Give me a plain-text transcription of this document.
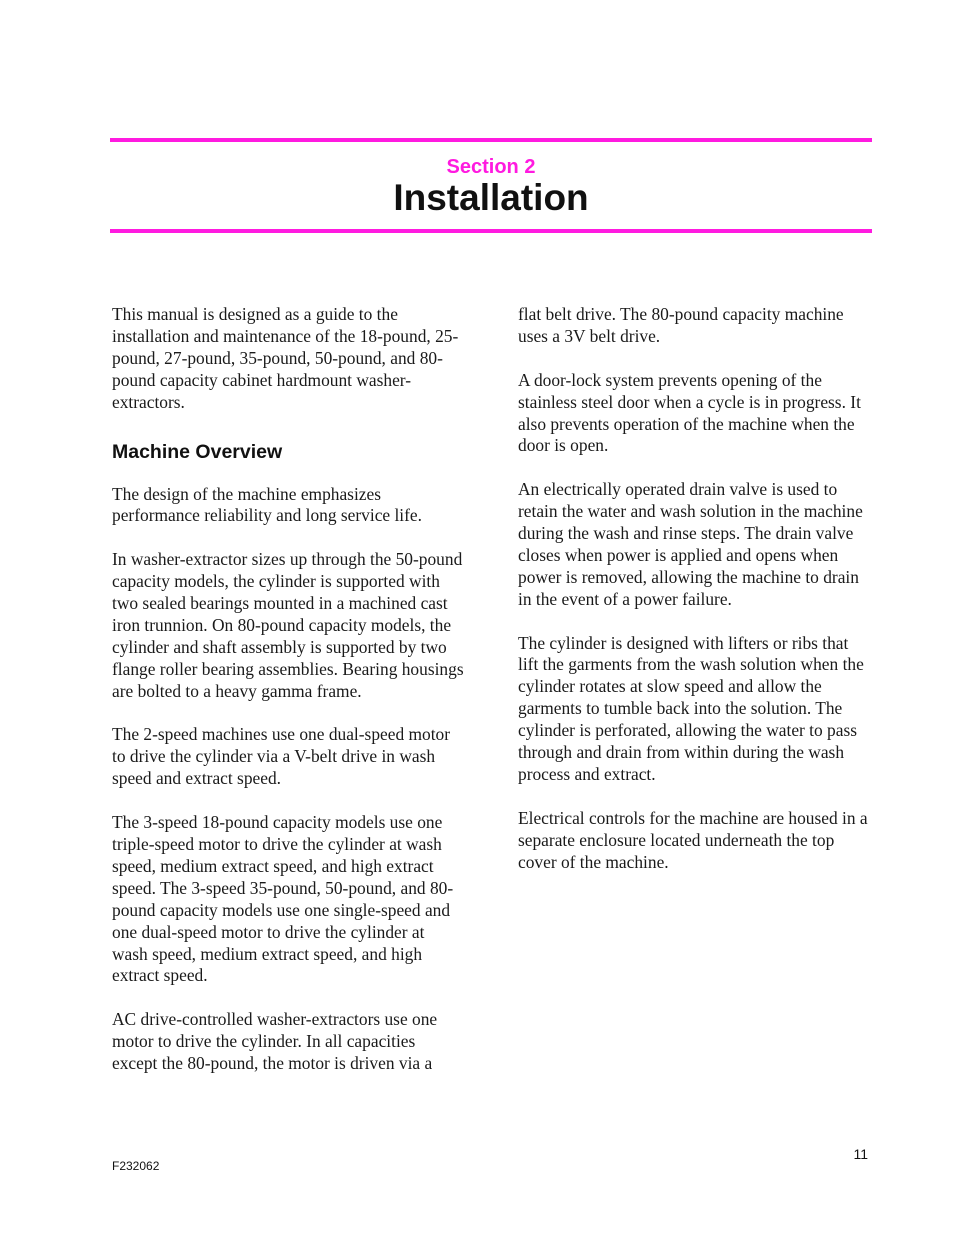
Section 2
Installation

This manual is designed as a guide to the installation and maintenance of the 18-pound, 25-pound, 27-pound, 35-pound, 50-pound, and 80-pound capacity cabinet hardmount washer-extractors.

Machine Overview

The design of the machine emphasizes performance reliability and long service life.

In washer-extractor sizes up through the 50-pound capacity models, the cylinder is supported with two sealed bearings mounted in a machined cast iron trunnion. On 80-pound capacity models, the cylinder and shaft assembly is supported by two flange roller bearing assemblies. Bearing housings are bolted to a heavy gamma frame.

The 2-speed machines use one dual-speed motor to drive the cylinder via a V-belt drive in wash speed and extract speed.

The 3-speed 18-pound capacity models use one triple-speed motor to drive the cylinder at wash speed, medium extract speed, and high extract speed. The 3-speed 35-pound, 50-pound, and 80-pound capacity models use one single-speed and one dual-speed motor to drive the cylinder at wash speed, medium extract speed, and high extract speed.

AC drive-controlled washer-extractors use one motor to drive the cylinder. In all capacities except the 80-pound, the motor is driven via a

flat belt drive. The 80-pound capacity machine uses a 3V belt drive.

A door-lock system prevents opening of the stainless steel door when a cycle is in progress. It also prevents operation of the machine when the door is open.

An electrically operated drain valve is used to retain the water and wash solution in the machine during the wash and rinse steps. The drain valve closes when power is applied and opens when power is removed, allowing the machine to drain in the event of a power failure.

The cylinder is designed with lifters or ribs that lift the garments from the wash solution when the cylinder rotates at slow speed and allow the garments to tumble back into the solution. The cylinder is perforated, allowing the water to pass through and drain from within during the wash process and extract.

Electrical controls for the machine are housed in a separate enclosure located underneath the top cover of the machine.

11
F232062
